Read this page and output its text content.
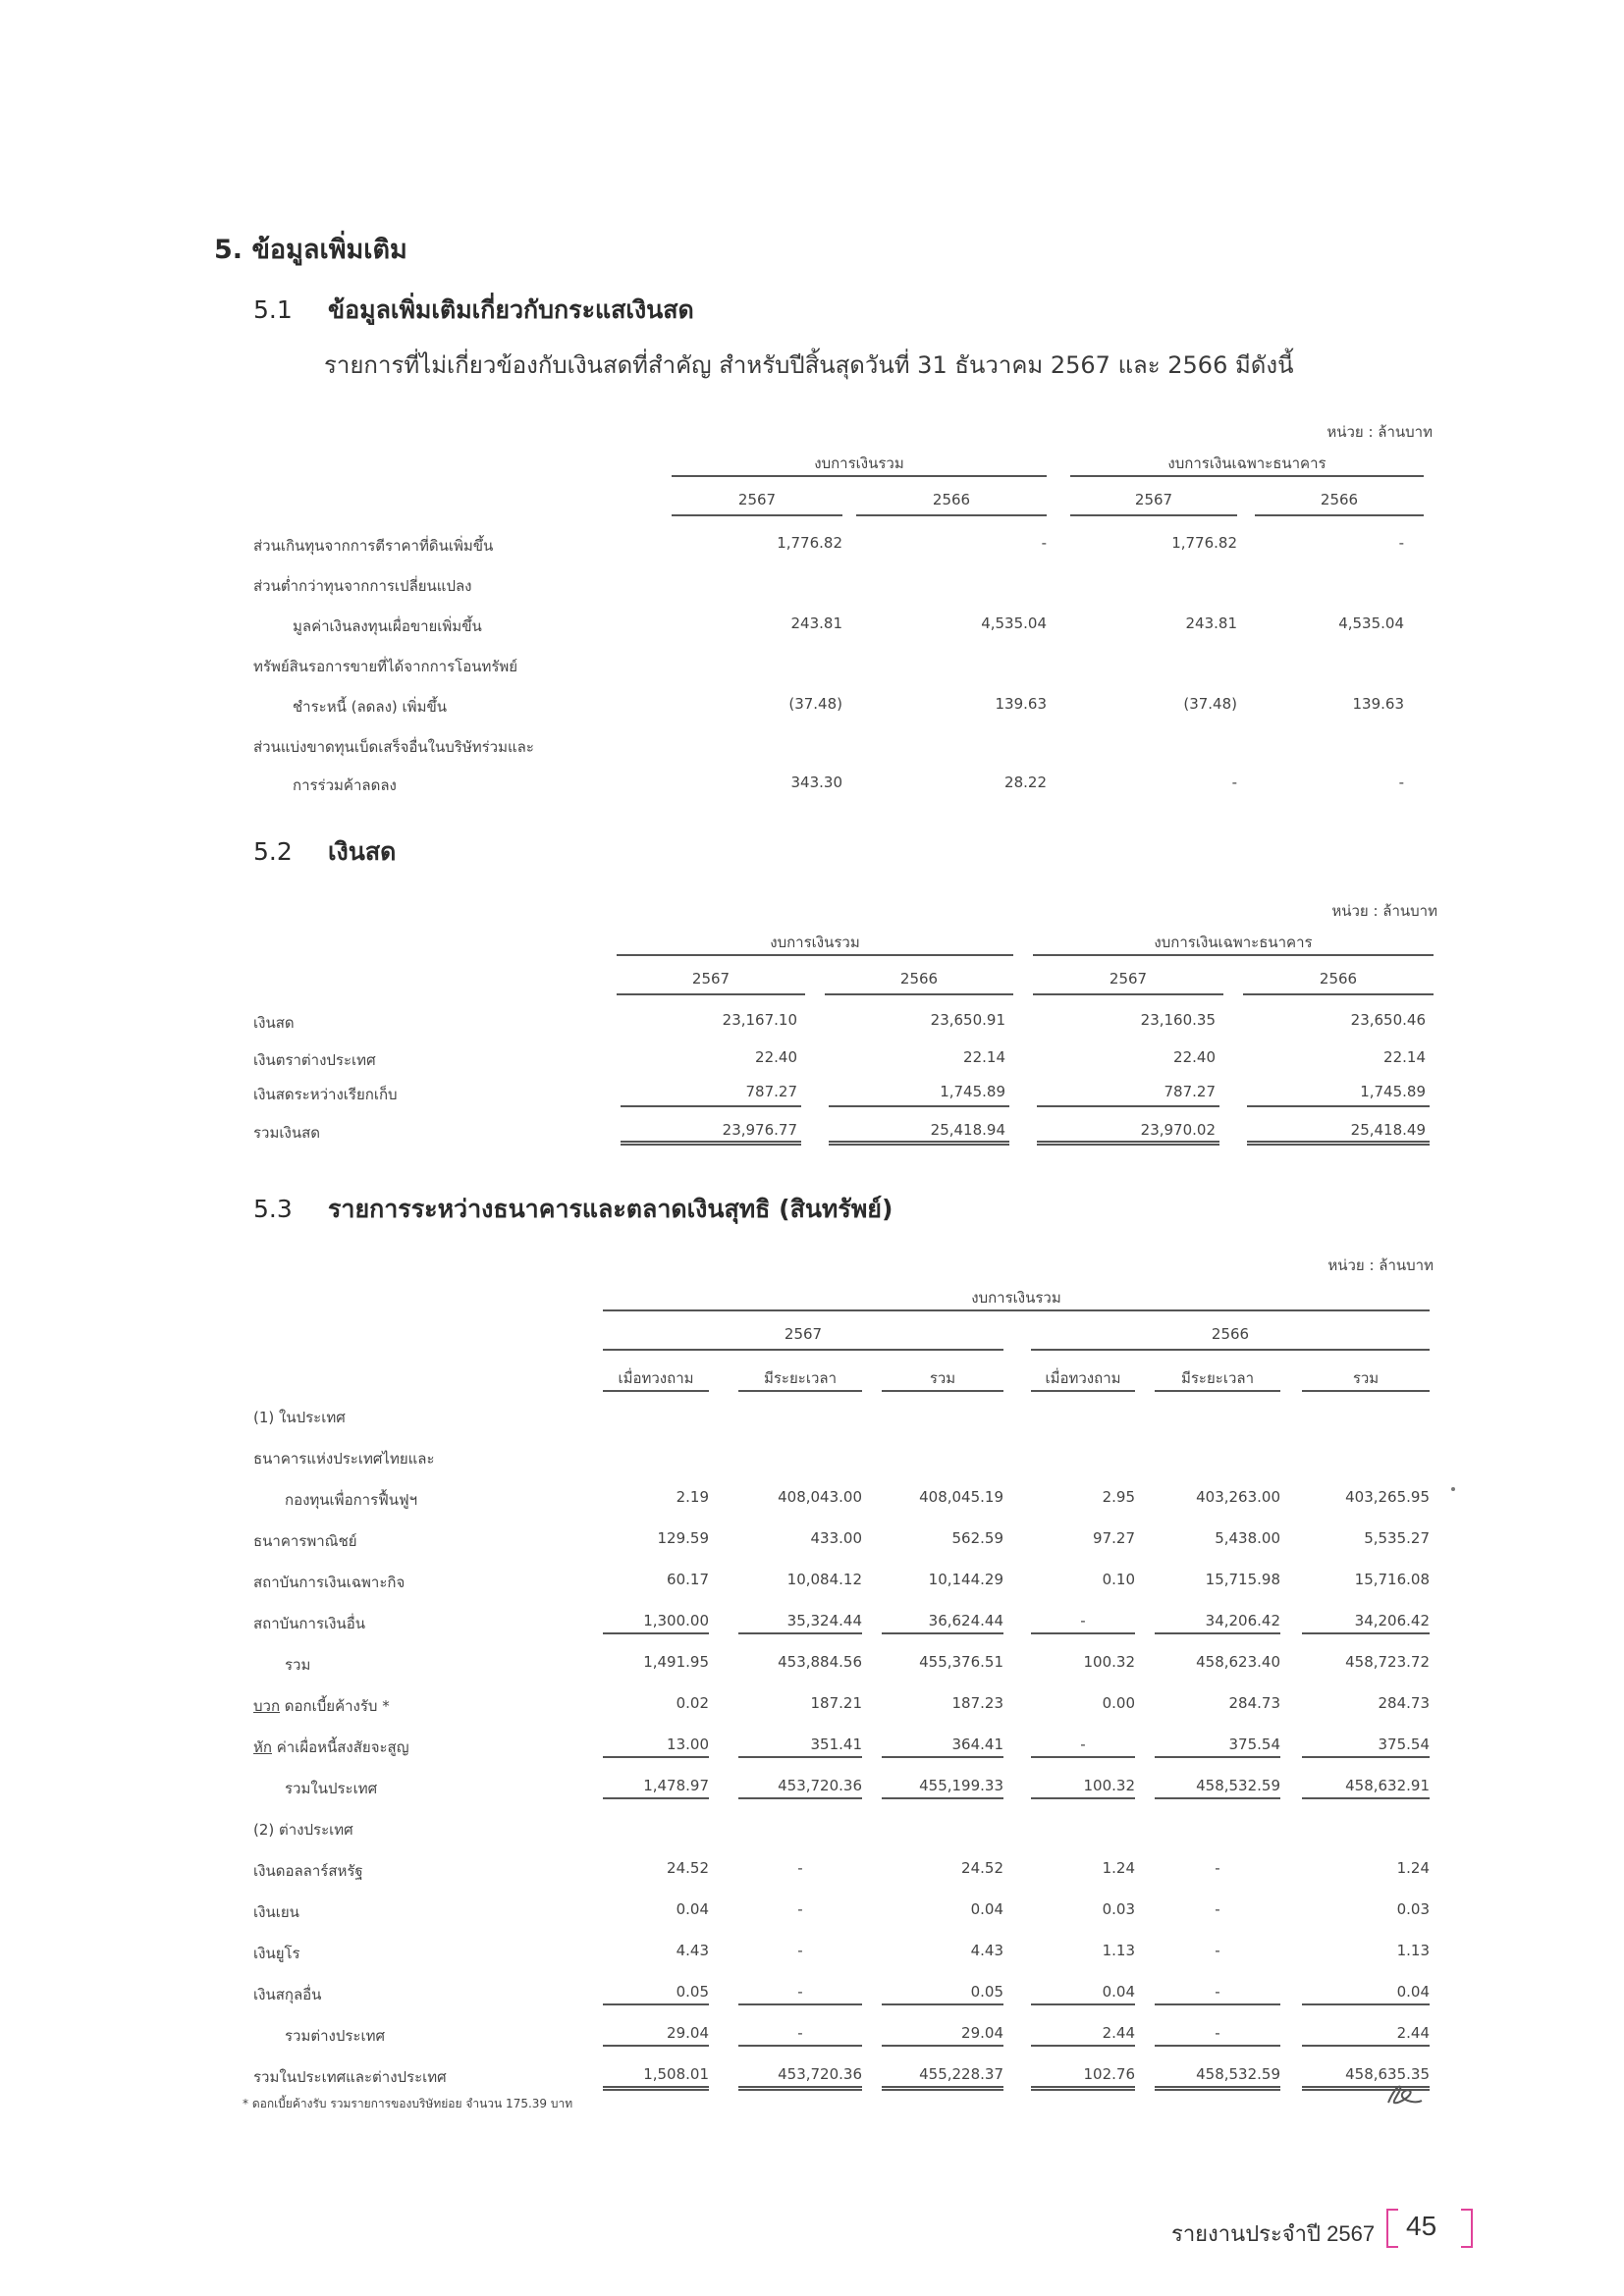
5. ข้อมูลเพิ่มเติม
5.1 ข้อมูลเพิ่มเติมเกี่ยวกับกระแสเงินสด
รายการที่ไม่เกี่ยวข้องกับเงินสดที่สำคัญ สำหรับปีสิ้นสุดวันที่ 31 ธันวาคม 2567 และ 2566 มีดังนี้
หน่วย : ล้านบาท
5.2 เงินสด
หน่วย : ล้านบาท
5.3 รายการระหว่างธนาคารและตลาดเงินสุทธิ (สินทรัพย์)
หน่วย : ล้านบาท
* ดอกเบี้ยค้างรับ รวมรายการของบริษัทย่อย จำนวน 175.39 บาท
รายงานประจำปี 2567 45
งบการเงินรวม	งบการเงินเฉพาะธนาคาร
2567	2566	2567	2566
ส่วนเกินทุนจากการตีราคาที่ดินเพิ่มขึ้น	1,776.82	-	1,776.82	-
ส่วนต่ำกว่าทุนจากการเปลี่ยนแปลง
มูลค่าเงินลงทุนเผื่อขายเพิ่มขึ้น	243.81	4,535.04	243.81	4,535.04
ทรัพย์สินรอการขายที่ได้จากการโอนทรัพย์
ชำระหนี้ (ลดลง) เพิ่มขึ้น	(37.48)	139.63	(37.48)	139.63
ส่วนแบ่งขาดทุนเบ็ดเสร็จอื่นในบริษัทร่วมและ
การร่วมค้าลดลง	343.30	28.22	-	-
งบการเงินรวม	งบการเงินเฉพาะธนาคาร
2567	2566	2567	2566
เงินสด	23,167.10	23,650.91	23,160.35	23,650.46
เงินตราต่างประเทศ	22.40	22.14	22.40	22.14
เงินสดระหว่างเรียกเก็บ	787.27	1,745.89	787.27	1,745.89
รวมเงินสด	23,976.77	25,418.94	23,970.02	25,418.49
งบการเงินรวม
2567	2566
เมื่อทวงถาม	มีระยะเวลา	รวม	เมื่อทวงถาม	มีระยะเวลา	รวม
(1) ในประเทศ
ธนาคารแห่งประเทศไทยและ
กองทุนเพื่อการฟื้นฟูฯ	2.19	408,043.00	408,045.19	2.95	403,263.00	403,265.95
ธนาคารพาณิชย์	129.59	433.00	562.59	97.27	5,438.00	5,535.27
สถาบันการเงินเฉพาะกิจ	60.17	10,084.12	10,144.29	0.10	15,715.98	15,716.08
สถาบันการเงินอื่น	1,300.00	35,324.44	36,624.44	-	34,206.42	34,206.42
รวม	1,491.95	453,884.56	455,376.51	100.32	458,623.40	458,723.72
บวก ดอกเบี้ยค้างรับ *	0.02	187.21	187.23	0.00	284.73	284.73
หัก ค่าเผื่อหนี้สงสัยจะสูญ	13.00	351.41	364.41	-	375.54	375.54
รวมในประเทศ	1,478.97	453,720.36	455,199.33	100.32	458,532.59	458,632.91
(2) ต่างประเทศ
เงินดอลลาร์สหรัฐ	24.52	-	24.52	1.24	-	1.24
เงินเยน	0.04	-	0.04	0.03	-	0.03
เงินยูโร	4.43	-	4.43	1.13	-	1.13
เงินสกุลอื่น	0.05	-	0.05	0.04	-	0.04
รวมต่างประเทศ	29.04	-	29.04	2.44	-	2.44
รวมในประเทศและต่างประเทศ	1,508.01	453,720.36	455,228.37	102.76	458,532.59	458,635.35
